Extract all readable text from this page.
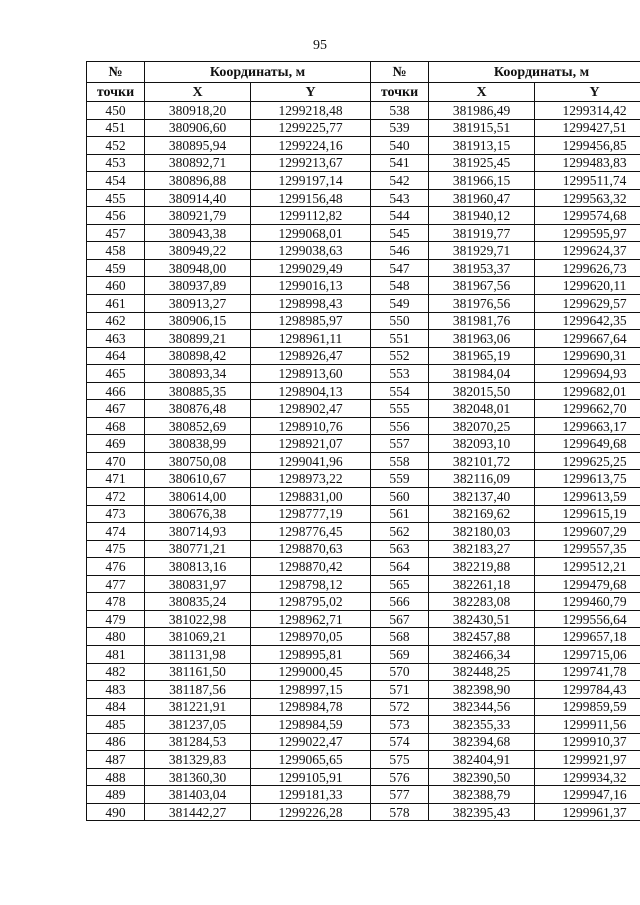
95
№	Координаты, м		№	Координаты, м	
точки	X	Y	точки	X	Y
450	380918,20	1299218,48	538	381986,49	1299314,42
451	380906,60	1299225,77	539	381915,51	1299427,51
452	380895,94	1299224,16	540	381913,15	1299456,85
453	380892,71	1299213,67	541	381925,45	1299483,83
454	380896,88	1299197,14	542	381966,15	1299511,74
455	380914,40	1299156,48	543	381960,47	1299563,32
456	380921,79	1299112,82	544	381940,12	1299574,68
457	380943,38	1299068,01	545	381919,77	1299595,97
458	380949,22	1299038,63	546	381929,71	1299624,37
459	380948,00	1299029,49	547	381953,37	1299626,73
460	380937,89	1299016,13	548	381967,56	1299620,11
461	380913,27	1298998,43	549	381976,56	1299629,57
462	380906,15	1298985,97	550	381981,76	1299642,35
463	380899,21	1298961,11	551	381963,06	1299667,64
464	380898,42	1298926,47	552	381965,19	1299690,31
465	380893,34	1298913,60	553	381984,04	1299694,93
466	380885,35	1298904,13	554	382015,50	1299682,01
467	380876,48	1298902,47	555	382048,01	1299662,70
468	380852,69	1298910,76	556	382070,25	1299663,17
469	380838,99	1298921,07	557	382093,10	1299649,68
470	380750,08	1299041,96	558	382101,72	1299625,25
471	380610,67	1298973,22	559	382116,09	1299613,75
472	380614,00	1298831,00	560	382137,40	1299613,59
473	380676,38	1298777,19	561	382169,62	1299615,19
474	380714,93	1298776,45	562	382180,03	1299607,29
475	380771,21	1298870,63	563	382183,27	1299557,35
476	380813,16	1298870,42	564	382219,88	1299512,21
477	380831,97	1298798,12	565	382261,18	1299479,68
478	380835,24	1298795,02	566	382283,08	1299460,79
479	381022,98	1298962,71	567	382430,51	1299556,64
480	381069,21	1298970,05	568	382457,88	1299657,18
481	381131,98	1298995,81	569	382466,34	1299715,06
482	381161,50	1299000,45	570	382448,25	1299741,78
483	381187,56	1298997,15	571	382398,90	1299784,43
484	381221,91	1298984,78	572	382344,56	1299859,59
485	381237,05	1298984,59	573	382355,33	1299911,56
486	381284,53	1299022,47	574	382394,68	1299910,37
487	381329,83	1299065,65	575	382404,91	1299921,97
488	381360,30	1299105,91	576	382390,50	1299934,32
489	381403,04	1299181,33	577	382388,79	1299947,16
490	381442,27	1299226,28	578	382395,43	1299961,37
